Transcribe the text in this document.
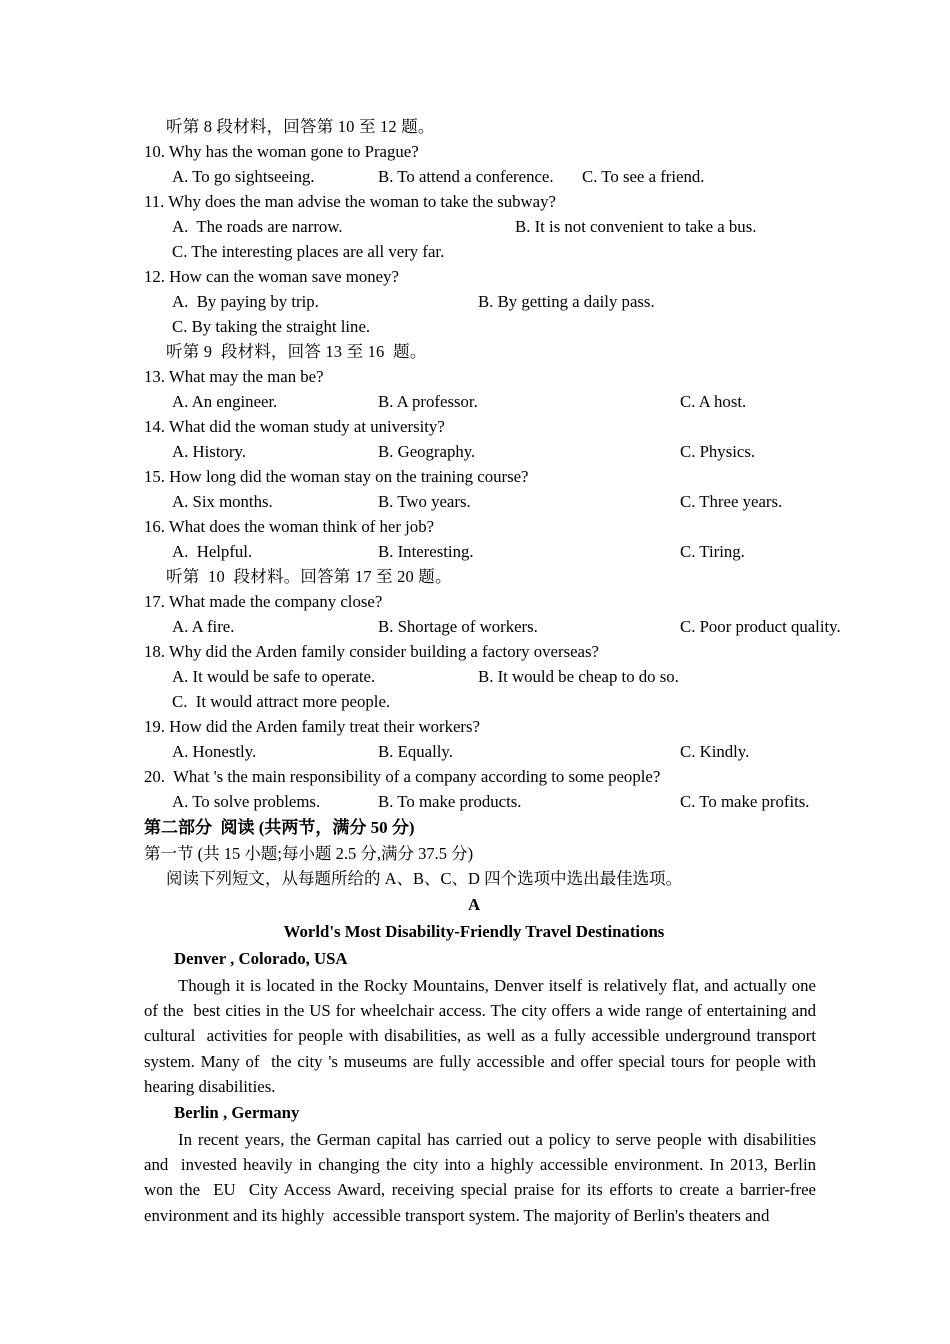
听第 8 段材料，回答第 10 至 12 题。
10. Why has the woman gone to Prague?
A. To go sightseeing.	B. To attend a conference. C. To see a friend.
11. Why does the man advise the woman to take the subway?
A.  The roads are narrow.	B. It is not convenient to take a bus.
C. The interesting places are all very far.
12. How can the woman save money?
A.  By paying by trip.	B. By getting a daily pass.
C. By taking the straight line.
听第 9  段材料，回答 13 至 16  题。
13. What may the man be?
A. An engineer.	B. A professor.	C. A host.
14. What did the woman study at university?
A. History.	B. Geography.	C. Physics.
15. How long did the woman stay on the training course?
A. Six months.	B. Two years.	C. Three years.
16. What does the woman think of her job?
A.  Helpful.	B. Interesting.	C. Tiring.
听第  10  段材料。回答第 17 至 20 题。
17. What made the company close?
A. A fire.	B. Shortage of workers.	C. Poor product quality.
18. Why did the Arden family consider building a factory overseas?
A. It would be safe to operate.	B. It would be cheap to do so.
C.  It would attract more people.
19. How did the Arden family treat their workers?
A. Honestly.	B. Equally.	C. Kindly.
20.  What 's the main responsibility of a company according to some people?
A. To solve problems.	B. To make products.	C. To make profits.
第二部分  阅读 (共两节，满分 50 分)
第一节 (共 15 小题;每小题 2.5 分,满分 37.5 分)
阅读下列短文，从每题所给的 A、B、C、D 四个选项中选出最佳选项。
A
World's Most Disability-Friendly Travel Destinations
Denver , Colorado, USA

Though it is located in the Rocky Mountains, Denver itself is relatively flat, and actually one of the  best cities in the US for wheelchair access. The city offers a wide range of entertaining and cultural  activities for people with disabilities, as well as a fully accessible underground transport system. Many of  the city 's museums are fully accessible and offer special tours for people with hearing disabilities.

Berlin , Germany

In recent years, the German capital has carried out a policy to serve people with disabilities and  invested heavily in changing the city into a highly accessible environment. In 2013, Berlin won the  EU  City Access Award, receiving special praise for its efforts to create a barrier-free environment and its highly  accessible transport system. The majority of Berlin's theaters and
